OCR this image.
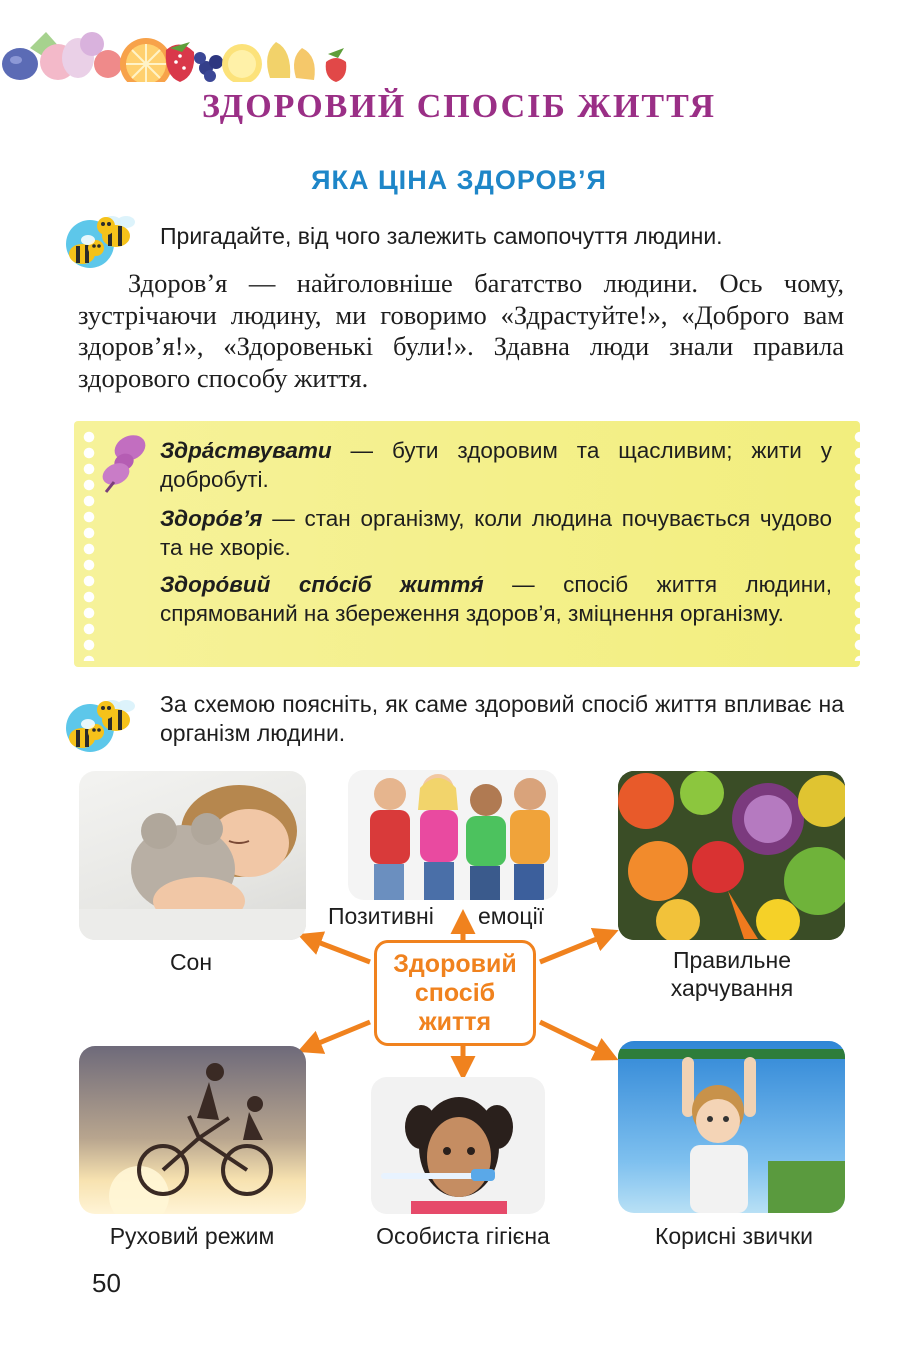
ЗДОРОВИЙ СПОСІБ ЖИТТЯ
ЯКА ЦІНА ЗДОРОВ’Я
Пригадайте, від чого залежить самопочуття людини.
Здоров’я — найголовніше багатство людини. Ось чому, зустрічаючи людину, ми говоримо «Здрастуйте!», «Доброго вам здоров’я!», «Здоровенькі були!». Здавна люди знали правила здорового способу життя.
Здра́ствувати — бути здоровим та щасливим; жити у добробуті.
Здоро́в’я — стан організму, коли людина почувається чудово та не хворіє.
Здоро́вий спо́сіб життя́ — спосіб життя людини, спрямований на збереження здоров’я, зміцнення організму.
За схемою поясніть, як саме здоровий спосіб життя впливає на організм людини.
Сон
Позитивні	емоції
Правильне
харчування
Здоровий
спосіб
життя
Руховий режим	Особиста гігієна	Корисні звички
50
